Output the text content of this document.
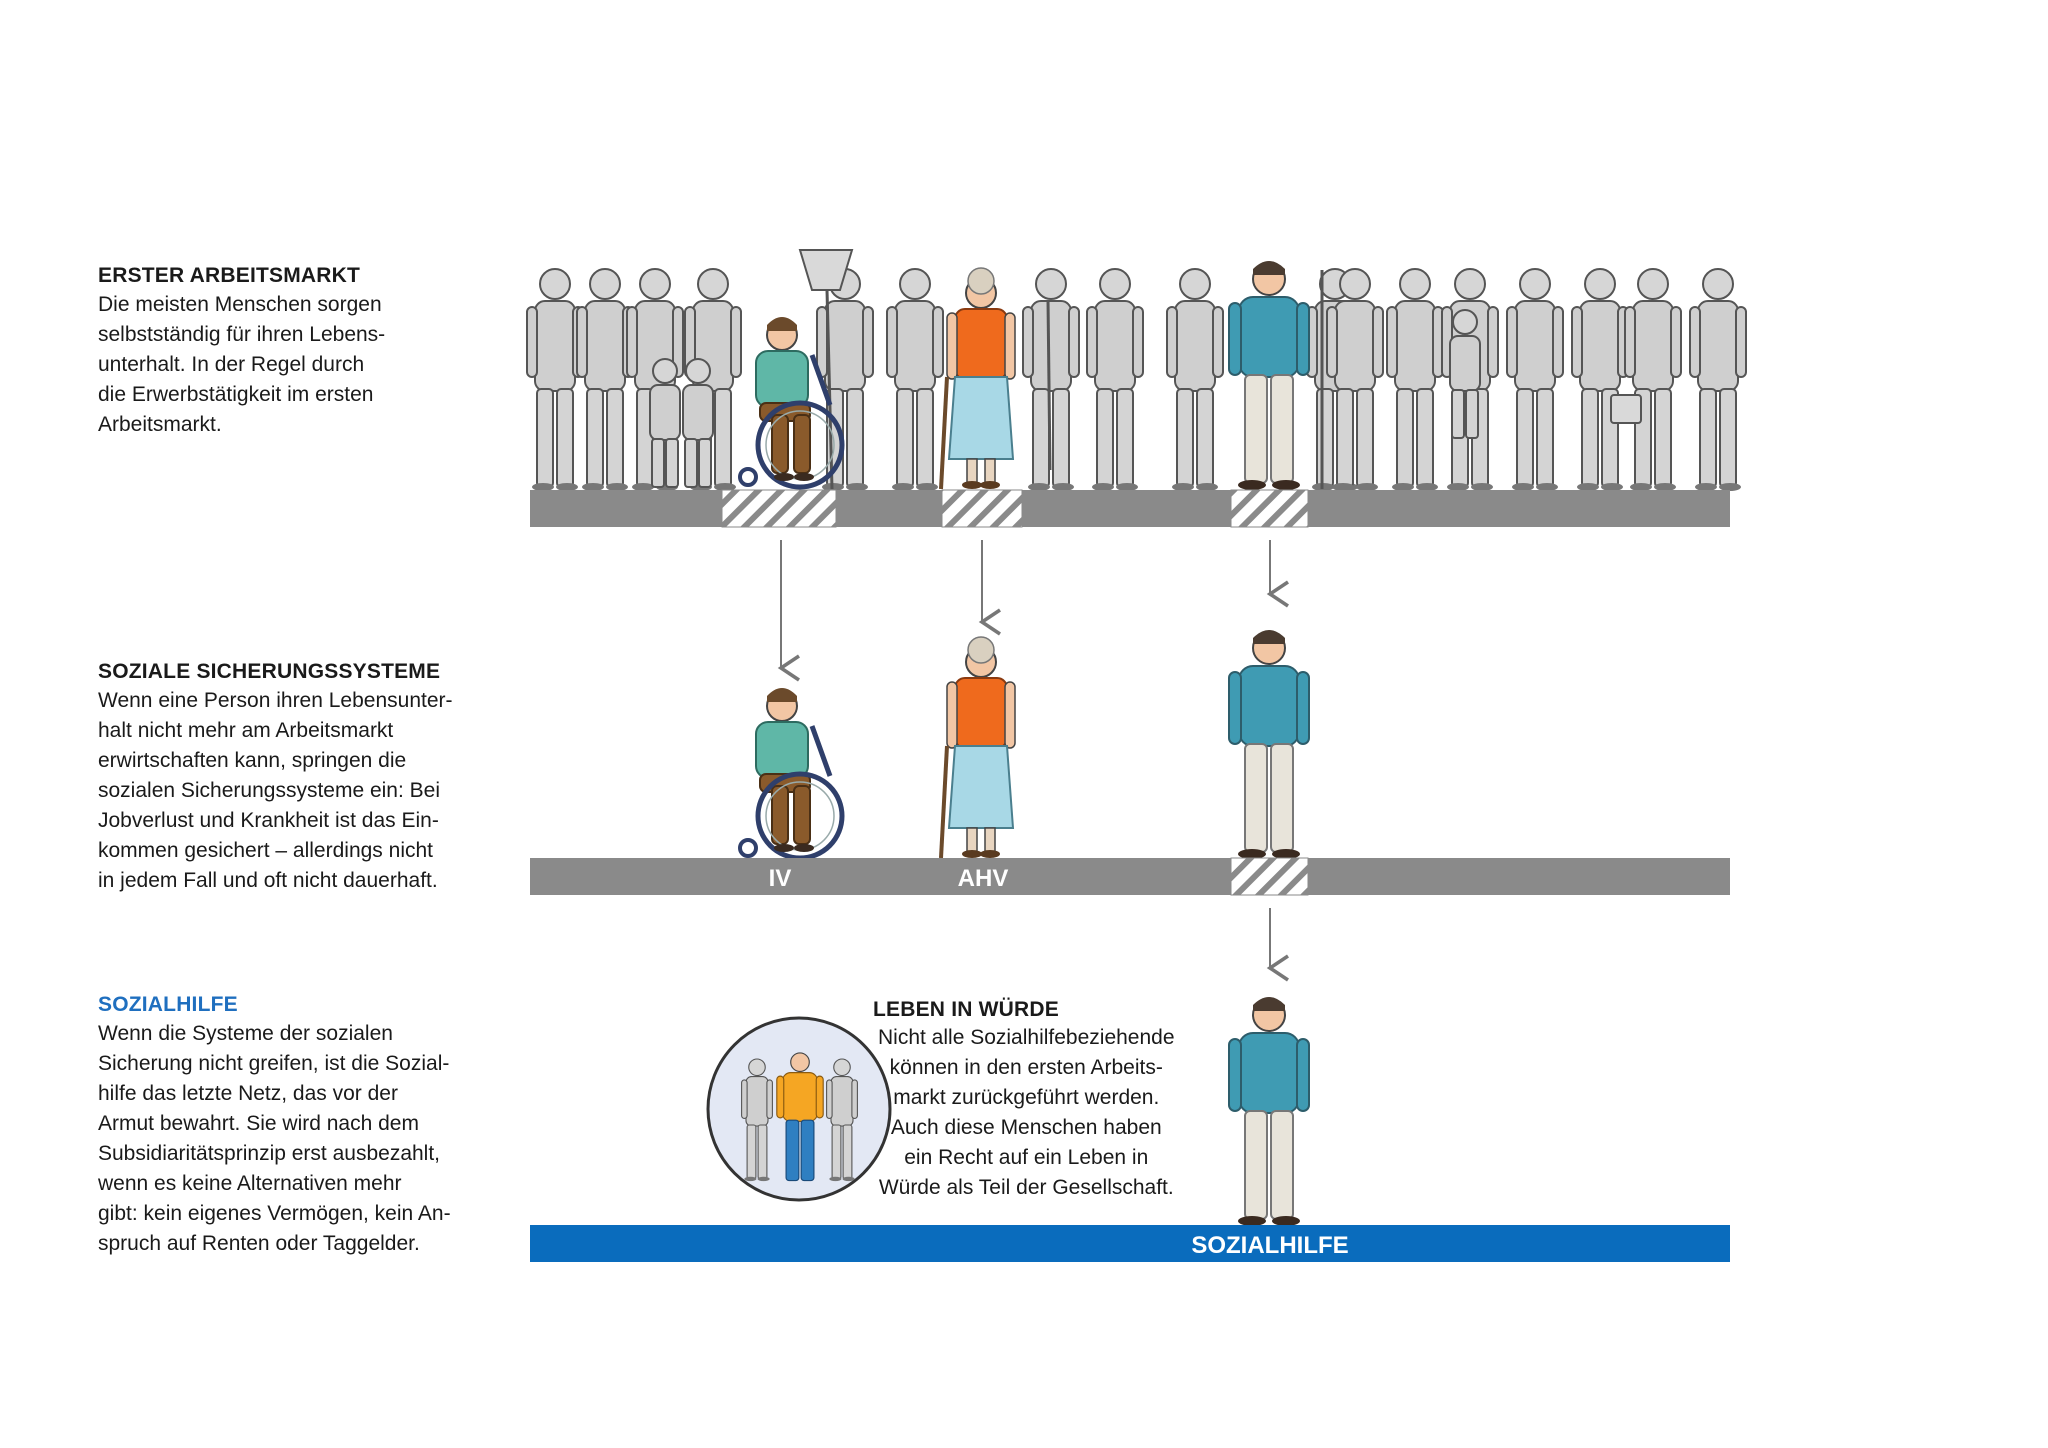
ERSTER ARBEITSMARKT
Die meisten Menschen sorgen
selbstständig für ihren Lebens-
unterhalt. In der Regel durch
die Erwerbstätigkeit im ersten
Arbeitsmarkt.
SOZIALE SICHERUNGSSYSTEME
Wenn eine Person ihren Lebensunter-
halt nicht mehr am Arbeitsmarkt
erwirtschaften kann, springen die
sozialen Sicherungssysteme ein: Bei
Jobverlust und Krankheit ist das Ein-
kommen gesichert – allerdings nicht
in jedem Fall und oft nicht dauerhaft.
SOZIALHILFE
Wenn die Systeme der sozialen
Sicherung nicht greifen, ist die Sozial-
hilfe das letzte Netz, das vor der
Armut bewahrt. Sie wird nach dem
Subsidiaritätsprinzip erst ausbezahlt,
wenn es keine Alternativen mehr
gibt: kein eigenes Vermögen, kein An-
spruch auf Renten oder Taggelder.
IV	AHV
SOZIALHILFE
LEBEN IN WÜRDE
Nicht alle Sozialhilfebeziehende
können in den ersten Arbeits-
markt zurückgeführt werden.
Auch diese Menschen haben
ein Recht auf ein Leben in
Würde als Teil der Gesellschaft.
